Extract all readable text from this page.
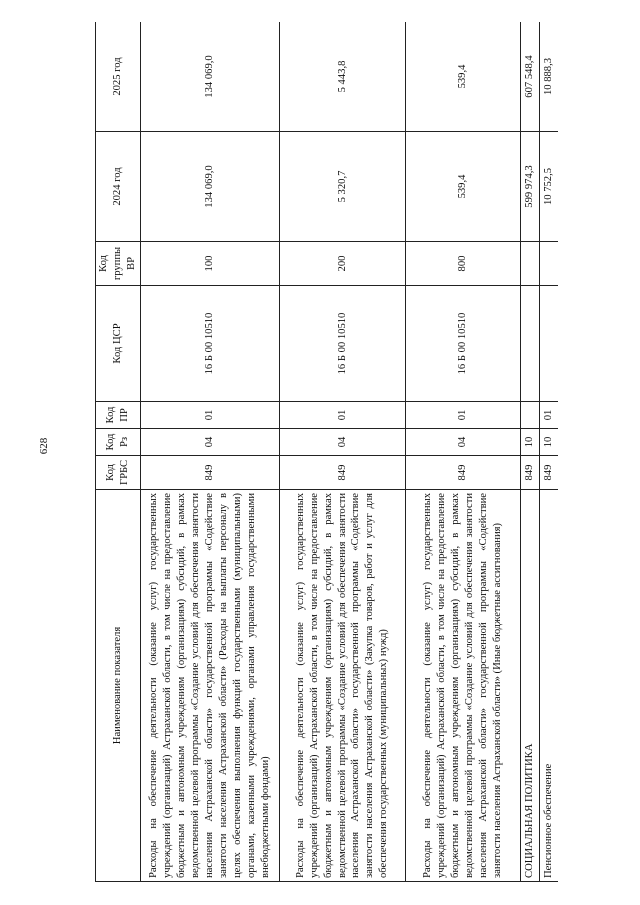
628
Наименование показателя	Код ГРБС	Код Рз	Код ПР	Код ЦСР	Код группы ВР	2024 год	2025 год
Расходы на обеспечение деятельности (оказание услуг) государственных учреждений (организаций) Астраханской области, в том числе на предоставление бюджетным и автономным учреждениям (организациям) субсидий, в рамках ведомственной целевой программы «Создание условий для обеспечения занятости населения Астраханской области» государственной программы «Содействие занятости населения Астраханской области» (Расходы на выплаты персоналу в целях обеспечения выполнения функций государственными (муниципальными) органами, казенными учреждениями, органами управления государственными внебюджетными фондами)	849	04	01	16 Б 00 10510	100	134 069,0	134 069,0
Расходы на обеспечение деятельности (оказание услуг) государственных учреждений (организаций) Астраханской области, в том числе на предоставление бюджетным и автономным учреждениям (организациям) субсидий, в рамках ведомственной целевой программы «Создание условий для обеспечения занятости населения Астраханской области» государственной программы «Содействие занятости населения Астраханской области» (Закупка товаров, работ и услуг для обеспечения государственных (муниципальных) нужд)	849	04	01	16 Б 00 10510	200	5 320,7	5 443,8
Расходы на обеспечение деятельности (оказание услуг) государственных учреждений (организаций) Астраханской области, в том числе на предоставление бюджетным и автономным учреждениям (организациям) субсидий, в рамках ведомственной целевой программы «Создание условий для обеспечения занятости населения Астраханской области» государственной программы «Содействие занятости населения Астраханской области» (Иные бюджетные ассигнования)	849	04	01	16 Б 00 10510	800	539,4	539,4
СОЦИАЛЬНАЯ ПОЛИТИКА	849	10				599 974,3	607 548,4
Пенсионное обеспечение	849	10	01			10 752,5	10 888,3
